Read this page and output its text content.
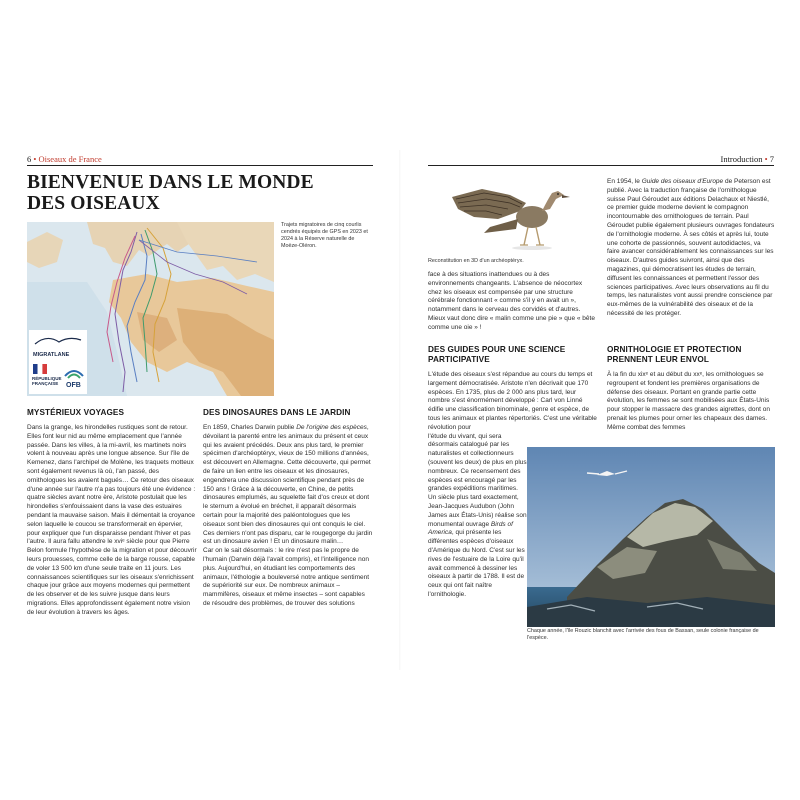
6 • Oiseaux de France
BIENVENUE DANS LE MONDE
DES OISEAUX
MIGRATLANE
RÉPUBLIQUE FRANÇAISE OFB
Trajets migratoires de cinq courlis cendrés équipés de GPS en 2023 et 2024 à la Réserve naturelle de Moëze-Oléron.
MYSTÉRIEUX VOYAGES

Dans la grange, les hirondelles rustiques sont de retour. Elles font leur nid au même emplacement que l'année passée. Dans les villes, à la mi-avril, les martinets noirs volent à nouveau après une longue absence. Sur l'île de Kemenez, dans l'archipel de Molène, les traquets motteux sont également revenus là où, l'an passé, des ornithologues les avaient bagués… Ce retour des oiseaux d'une année sur l'autre n'a pas toujours été une évidence : quatre siècles avant notre ère, Aristote postulait que les hirondelles s'enfouissaient dans la vase des estuaires pendant la mauvaise saison. Mais il démentait la croyance selon laquelle le coucou se transformerait en épervier, pour expliquer que l'un disparaisse pendant l'hiver et pas l'autre. Il aura fallu attendre le xviᵉ siècle pour que Pierre Belon formule l'hypothèse de la migration et pour découvrir leurs prouesses, comme celle de la barge rousse, capable de voler 13 500 km d'une seule traite en 11 jours. Les connaissances scientifiques sur les oiseaux s'enrichissent chaque jour grâce aux moyens modernes qui permettent de les observer et de les suivre jusque dans leurs migrations. Elles approfondissent également notre vision de leur évolution à travers les âges.

DES DINOSAURES DANS LE JARDIN

En 1859, Charles Darwin publie De l'origine des espèces, dévoilant la parenté entre les animaux du présent et ceux qui les avaient précédés. Deux ans plus tard, le premier spécimen d'archéoptéryx, vieux de 150 millions d'années, est découvert en Allemagne. Cette découverte, qui permet de faire un lien entre les oiseaux et les dinosaures, engendrera une discussion scientifique pendant près de 150 ans ! Grâce à la découverte, en Chine, de petits dinosaures emplumés, au squelette fait d'os creux et dont le sternum a évolué en bréchet, il apparaît désormais certain pour la majorité des paléontologues que les oiseaux sont bien des dinosaures qui ont conquis le ciel. Ces derniers n'ont pas disparu, car le rougegorge du jardin est un dinosaure avien ! Et un dinosaure malin…

Car on le sait désormais : le rire n'est pas le propre de l'humain (Darwin déjà l'avait compris), et l'intelligence non plus. Aujourd'hui, en étudiant les comportements des animaux, l'éthologie a bouleversé notre antique sentiment de supériorité sur eux. De nombreux animaux – mammifères, oiseaux et même insectes – sont capables de résoudre des problèmes, de trouver des solutions

Introduction • 7
Reconstitution en 3D d'un archéoptéryx.

face à des situations inattendues ou à des environnements changeants. L'absence de néocortex chez les oiseaux est compensée par une structure cérébrale fonctionnant « comme s'il y en avait un », notamment dans le cerveau des corvidés et d'autres. Mieux vaut donc dire « malin comme une pie » que « bête comme une oie » !

En 1954, le Guide des oiseaux d'Europe de Peterson est publié. Avec la traduction française de l'ornithologue suisse Paul Géroudet aux éditions Delachaux et Niestlé, ce premier guide moderne devient le compagnon incontournable des ornithologues de terrain. Paul Géroudet publie également plusieurs ouvrages fondateurs de l'ornithologie moderne. À ses côtés et après lui, toute une cohorte de passionnés, souvent autodidactes, va faire avancer considérablement les connaissances sur les oiseaux. D'autres guides suivront, ainsi que des magazines, qui démocratisent les études de terrain, diffusent les connaissances et permettent l'essor des sciences participatives. Avec leurs observations au fil du temps, les naturalistes vont aussi prendre conscience par eux-mêmes de la vulnérabilité des oiseaux et de la nécessité de les protéger.

DES GUIDES POUR UNE SCIENCE PARTICIPATIVE

L'étude des oiseaux s'est répandue au cours du temps et largement démocratisée. Aristote n'en décrivait que 170 espèces. En 1735, plus de 2 000 ans plus tard, leur nombre s'est énormément développé : Carl von Linné édifie une classification binominale, genre et espèce, de tous les animaux et plantes répertoriés. C'est une véritable révolution pour

l'étude du vivant, qui sera désormais catalogué par les naturalistes et collectionneurs (souvent les deux) de plus en plus nombreux. Ce recensement des espèces est encouragé par les grandes expéditions maritimes. Un siècle plus tard exactement, Jean-Jacques Audubon (John James aux États-Unis) réalise son monumental ouvrage Birds of America, qui présente les différentes espèces d'oiseaux d'Amérique du Nord. C'est sur les rives de l'estuaire de la Loire qu'il avait commencé à dessiner les oiseaux à partir de 1788. Il est de ceux qui ont fait naître l'ornithologie.

ORNITHOLOGIE ET PROTECTION PRENNENT LEUR ENVOL

À la fin du xixᵉ et au début du xxᵉ, les ornithologues se regroupent et fondent les premières organisations de défense des oiseaux. Portant en grande partie cette évolution, les femmes se sont mobilisées aux États-Unis pour stopper le massacre des grandes aigrettes, dont on prenait les plumes pour orner les chapeaux des dames. Même combat des femmes

Chaque année, l'île Rouzic blanchit avec l'arrivée des fous de Bassan, seule colonie française de l'espèce.
